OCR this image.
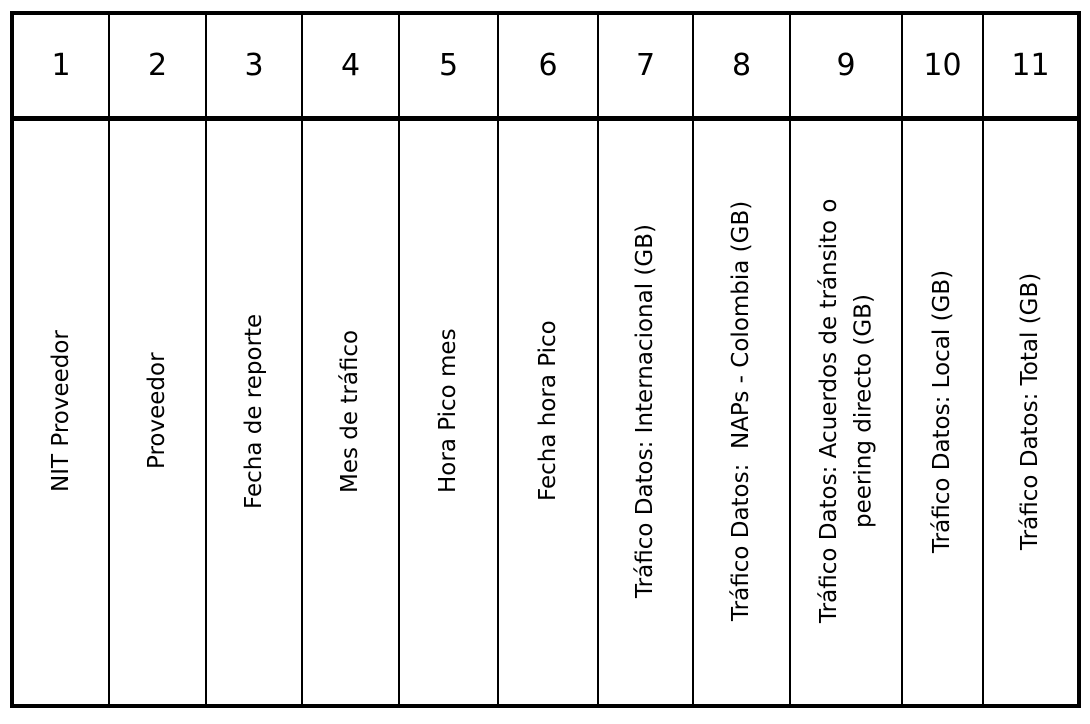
1	2	3	4	5	6	7	8	9	10	11
NIT Proveedor	Proveedor	Fecha de reporte	Mes de tráfico	Hora Pico mes	Fecha hora Pico	Tráfico Datos: Internacional (GB)	Tráfico Datos:  NAPs - Colombia (GB)	Tráfico Datos: Acuerdos de tránsito o peering directo (GB)	Tráfico Datos: Local (GB)	Tráfico Datos: Total (GB)
